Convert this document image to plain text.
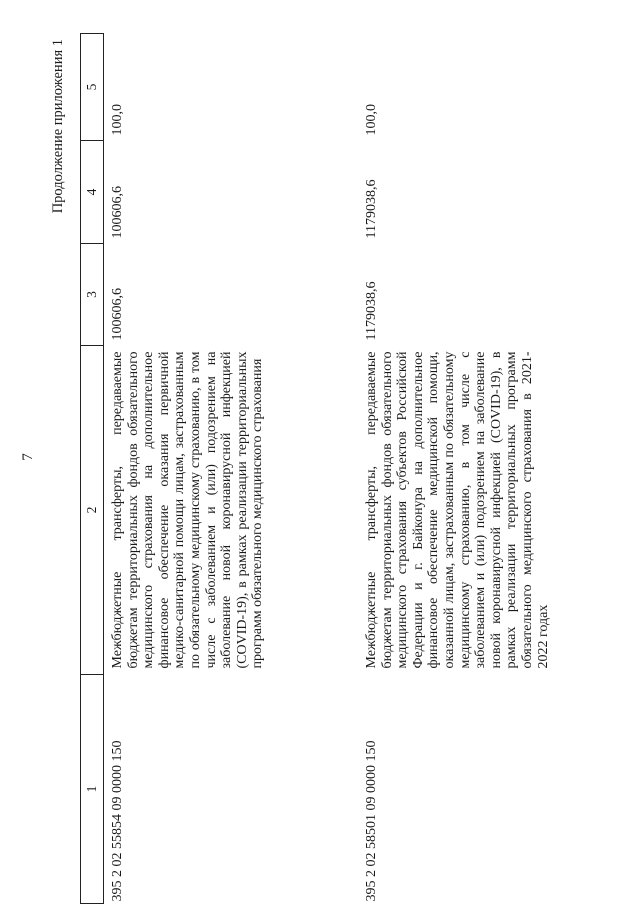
7
Продолжение приложения 1
1	2	3	4	5
395 2 02 55854 09 0000 150	Межбюджетные трансферты, передаваемые бюджетам территориальных фондов обязательного медицинского страхования на дополнительное финансовое обеспечение оказания первичной медико-санитарной помощи лицам, застрахованным по обязательному медицинскому страхованию, в том числе с заболеванием и (или) подозрением на заболевание новой коронавирусной инфекцией (COVID-19), в рамках реализации территориальных программ обязательного медицинского страхования	100606,6	100606,6	100,0
395 2 02 58501 09 0000 150	Межбюджетные трансферты, передаваемые бюджетам территориальных фондов обязательного медицинского страхования субъектов Российской Федерации и г. Байконура на дополнительное финансовое обеспечение медицинской помощи, оказанной лицам, застрахованным по обязательному медицинскому страхованию, в том числе с заболеванием и (или) подозрением на заболевание новой коронавирусной инфекцией (COVID-19), в рамках реализации территориальных программ обязательного медицинского страхования в 2021-2022 годах	1179038,6	1179038,6	100,0
